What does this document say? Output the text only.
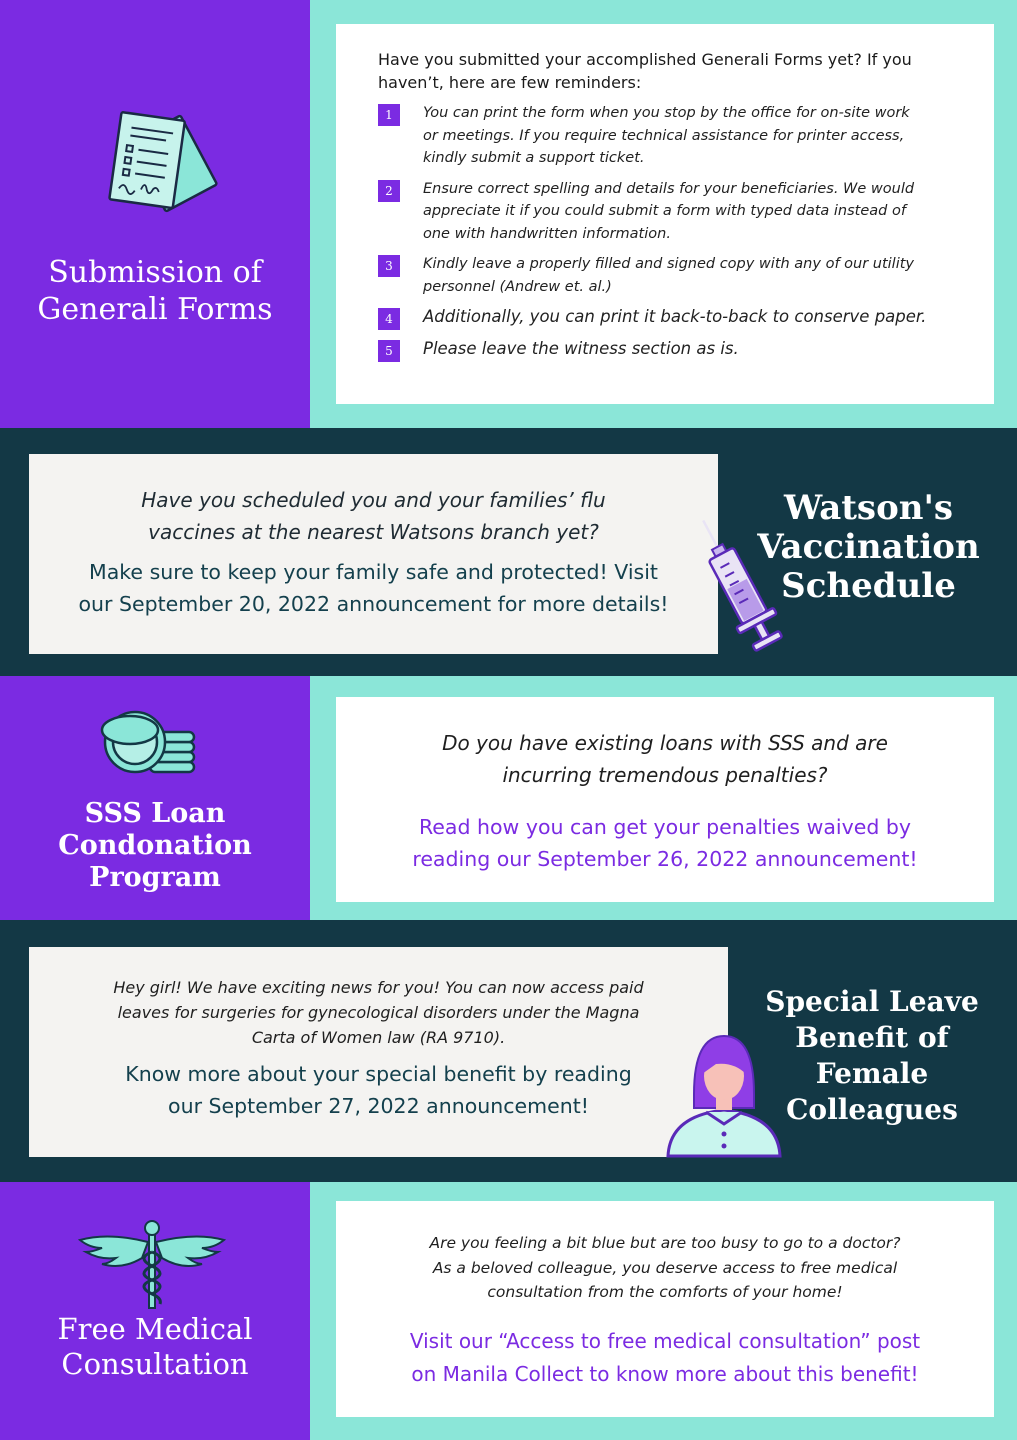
Submission of
Generali Forms
Have you submitted your accomplished Generali Forms yet? If you
haven’t, here are few reminders:
1	You can print the form when you stop by the office for on-site work
or meetings. If you require technical assistance for printer access,
kindly submit a support ticket.
2	Ensure correct spelling and details for your beneficiaries. We would
appreciate it if you could submit a form with typed data instead of
one with handwritten information.
3	Kindly leave a properly filled and signed copy with any of our utility
personnel (Andrew et. al.)
4	Additionally, you can print it back-to-back to conserve paper.
5	Please leave the witness section as is.
Have you scheduled you and your families’ flu
vaccines at the nearest Watsons branch yet?
Make sure to keep your family safe and protected! Visit
our September 20, 2022 announcement for more details!
Watson's
Vaccination
Schedule
SSS Loan
Condonation
Program
Do you have existing loans with SSS and are
incurring tremendous penalties?
Read how you can get your penalties waived by
reading our September 26, 2022 announcement!
Hey girl! We have exciting news for you! You can now access paid
leaves for surgeries for gynecological disorders under the Magna
Carta of Women law (RA 9710).
Know more about your special benefit by reading
our September 27, 2022 announcement!
Special Leave
Benefit of
Female
Colleagues
Free Medical
Consultation
Are you feeling a bit blue but are too busy to go to a doctor?
As a beloved colleague, you deserve access to free medical
consultation from the comforts of your home!
Visit our “Access to free medical consultation” post
on Manila Collect to know more about this benefit!
